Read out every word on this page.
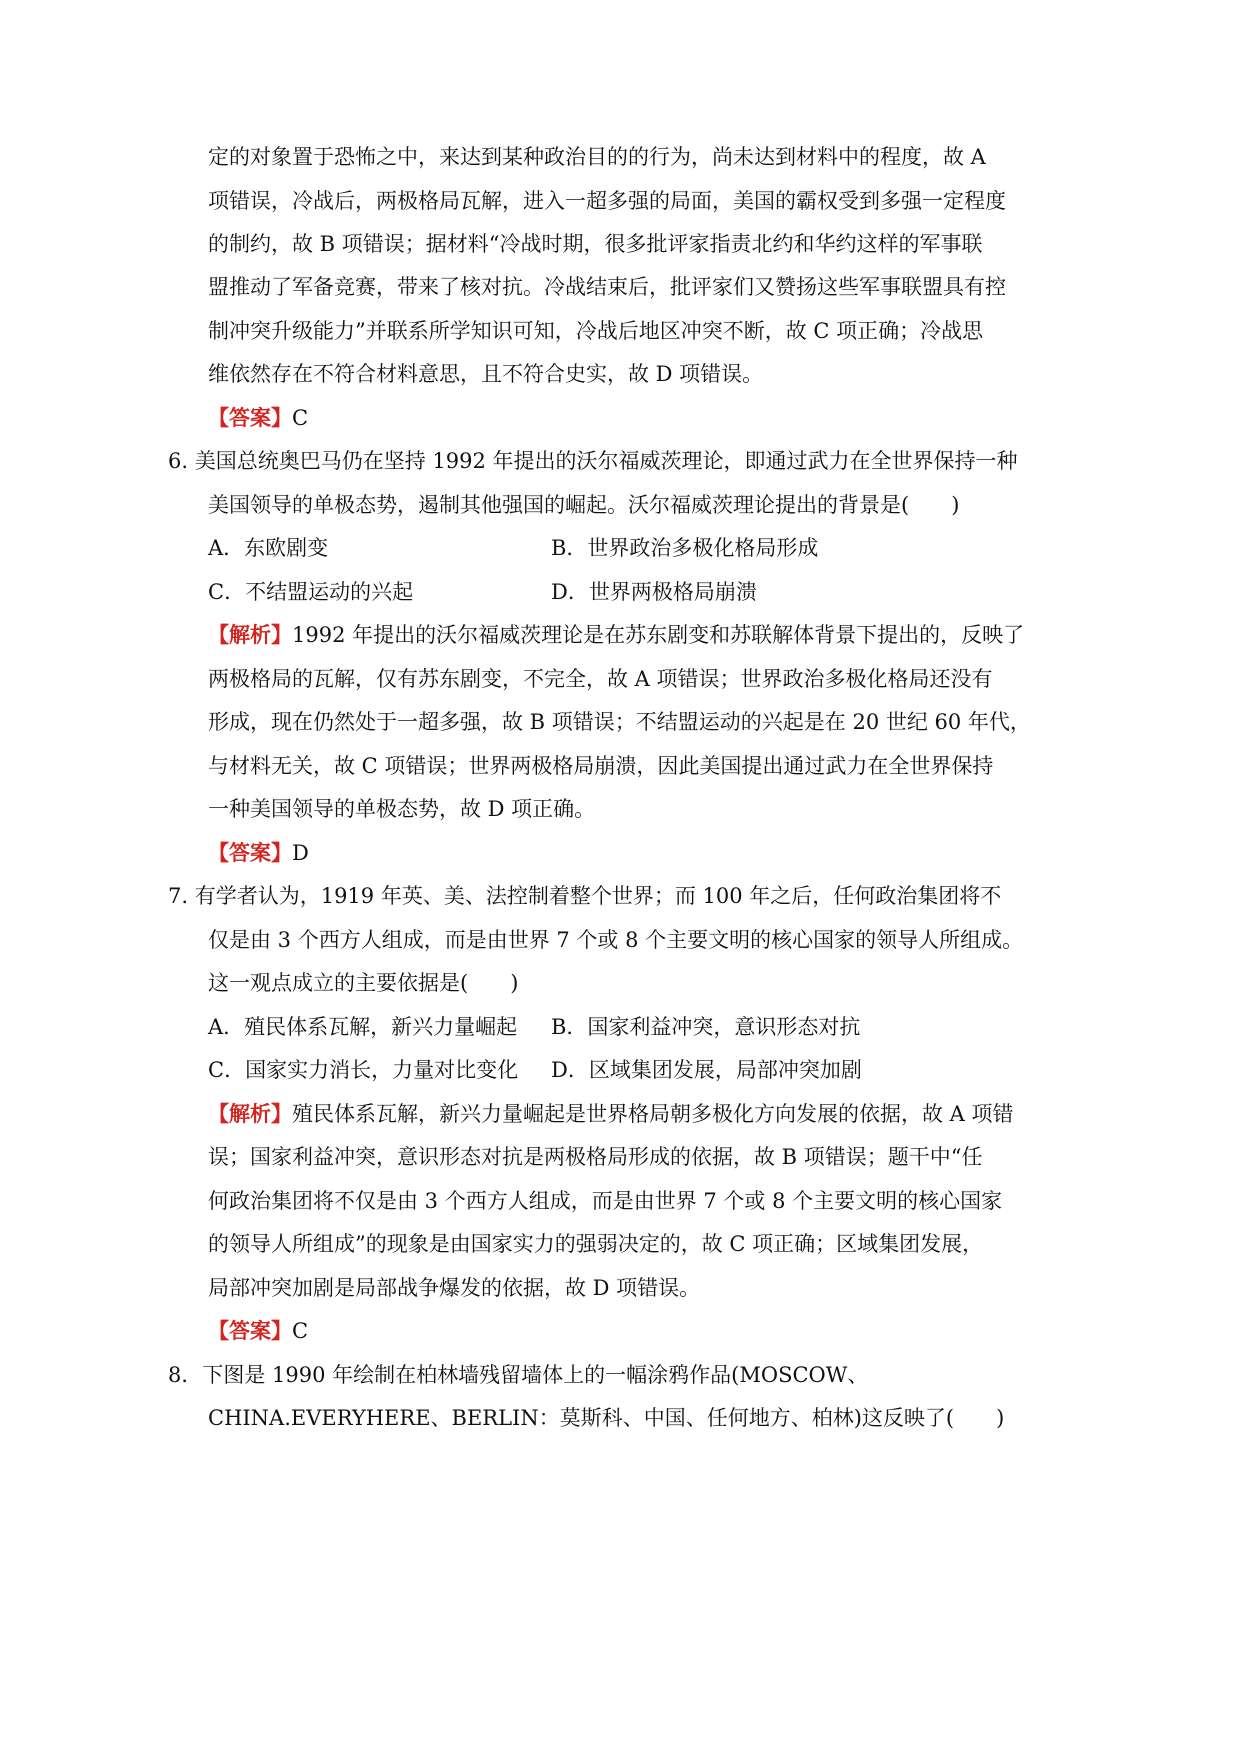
定的对象置于恐怖之中，来达到某种政治目的的行为，尚未达到材料中的程度，故 A
项错误，冷战后，两极格局瓦解，进入一超多强的局面，美国的霸权受到多强一定程度
的制约，故 B 项错误；据材料“冷战时期，很多批评家指责北约和华约这样的军事联
盟推动了军备竞赛，带来了核对抗。冷战结束后，批评家们又赞扬这些军事联盟具有控
制冲突升级能力”并联系所学知识可知，冷战后地区冲突不断，故 C 项正确；冷战思
维依然存在不符合材料意思，且不符合史实，故 D 项错误。
【答案】C
6. 美国总统奥巴马仍在坚持 1992 年提出的沃尔福威茨理论，即通过武力在全世界保持一种
美国领导的单极态势，遏制其他强国的崛起。沃尔福威茨理论提出的背景是(　　)
A．东欧剧变	B．世界政治多极化格局形成
C．不结盟运动的兴起	D．世界两极格局崩溃
【解析】1992 年提出的沃尔福威茨理论是在苏东剧变和苏联解体背景下提出的，反映了
两极格局的瓦解，仅有苏东剧变，不完全，故 A 项错误；世界政治多极化格局还没有
形成，现在仍然处于一超多强，故 B 项错误；不结盟运动的兴起是在 20 世纪 60 年代，
与材料无关，故 C 项错误；世界两极格局崩溃，因此美国提出通过武力在全世界保持
一种美国领导的单极态势，故 D 项正确。
【答案】D
7. 有学者认为，1919 年英、美、法控制着整个世界；而 100 年之后，任何政治集团将不
仅是由 3 个西方人组成，而是由世界 7 个或 8 个主要文明的核心国家的领导人所组成。
这一观点成立的主要依据是(　　)
A．殖民体系瓦解，新兴力量崛起 B．国家利益冲突，意识形态对抗
C．国家实力消长，力量对比变化 D．区域集团发展，局部冲突加剧
【解析】殖民体系瓦解，新兴力量崛起是世界格局朝多极化方向发展的依据，故 A 项错
误；国家利益冲突，意识形态对抗是两极格局形成的依据，故 B 项错误；题干中“任
何政治集团将不仅是由 3 个西方人组成，而是由世界 7 个或 8 个主要文明的核心国家
的领导人所组成”的现象是由国家实力的强弱决定的，故 C 项正确；区域集团发展，
局部冲突加剧是局部战争爆发的依据，故 D 项错误。
【答案】C
8．下图是 1990 年绘制在柏林墙残留墙体上的一幅涂鸦作品(MOSCOW、
CHINA.EVERYHERE、BERLIN：莫斯科、中国、任何地方、柏林)这反映了(　　)
